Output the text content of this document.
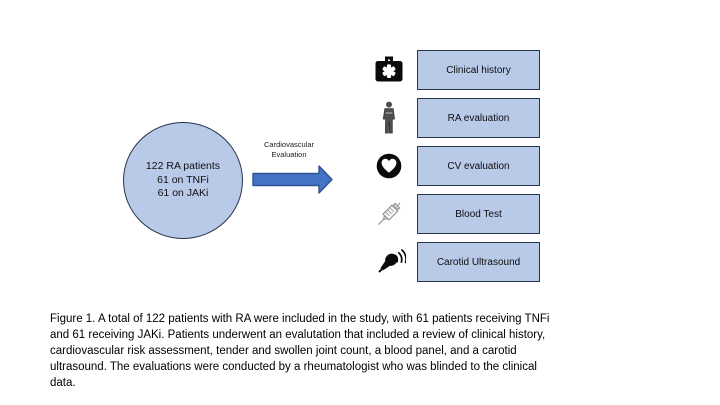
122 RA patients
61 on TNFi
61 on JAKi
Cardiovascular
Evaluation
Clinical history
RA evaluation
CV evaluation
Blood Test
Carotid Ultrasound
Figure 1. A total of 122 patients with RA were included in the study, with 61 patients receiving TNFi
and 61 receiving JAKi. Patients underwent an evalutation that included a review of clinical history,
cardiovascular risk assessment, tender and swollen joint count, a blood panel, and a carotid
ultrasound. The evaluations were conducted by a rheumatologist who was blinded to the clinical
data.
